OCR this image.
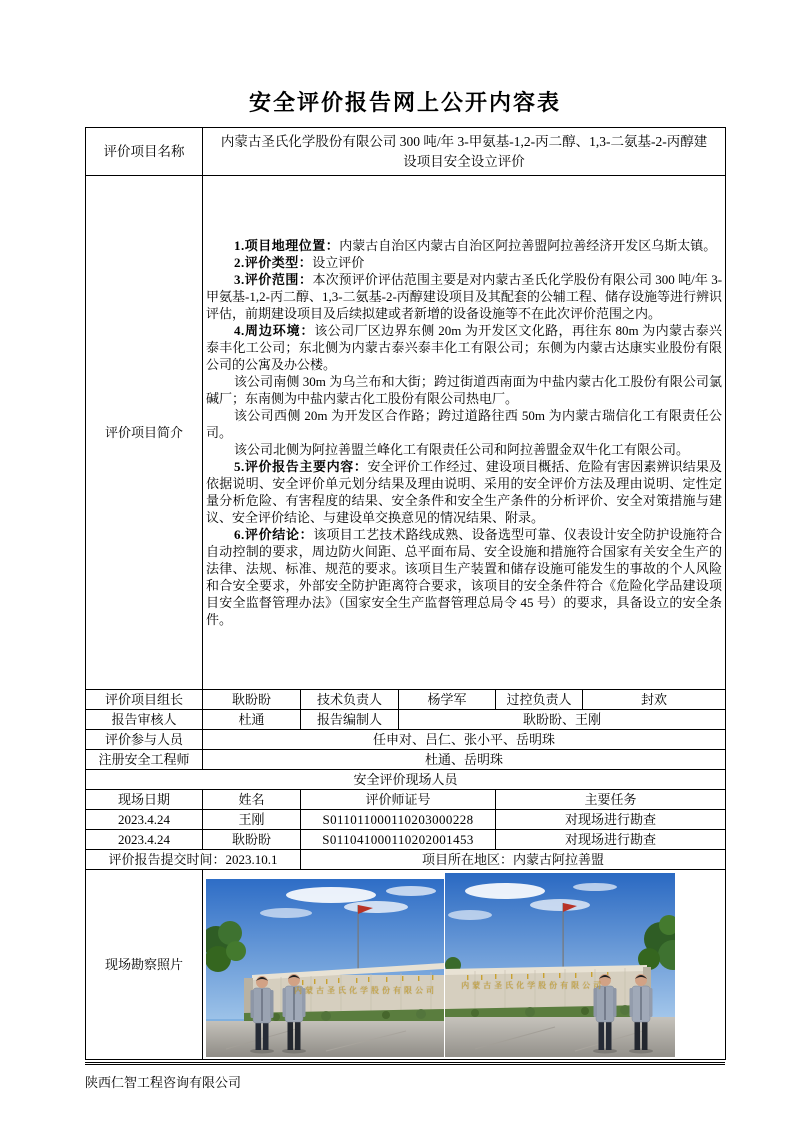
安全评价报告网上公开内容表
评价项目名称	内蒙古圣氏化学股份有限公司 300 吨/年 3-甲氨基-1,2-丙二醇、1,3-二氨基-2-丙醇建设项目安全设立评价				
评价项目简介	

1.项目地理位置：内蒙古自治区内蒙古自治区阿拉善盟阿拉善经济开发区乌斯太镇。

2.评价类型：设立评价

3.评价范围：本次预评价评估范围主要是对内蒙古圣氏化学股份有限公司 300 吨/年 3-甲氨基-1,2-丙二醇、1,3-二氨基-2-丙醇建设项目及其配套的公辅工程、储存设施等进行辨识评估，前期建设项目及后续拟建或者新增的设备设施等不在此次评价范围之内。

4.周边环境：该公司厂区边界东侧 20m 为开发区文化路，再往东 80m 为内蒙古泰兴泰丰化工公司；东北侧为内蒙古泰兴泰丰化工有限公司；东侧为内蒙古达康实业股份有限公司的公寓及办公楼。

该公司南侧 30m 为乌兰布和大街；跨过街道西南面为中盐内蒙古化工股份有限公司氯碱厂；东南侧为中盐内蒙古化工股份有限公司热电厂。

该公司西侧 20m 为开发区合作路；跨过道路往西 50m 为内蒙古瑞信化工有限责任公司。

该公司北侧为阿拉善盟兰峰化工有限责任公司和阿拉善盟金双牛化工有限公司。

5.评价报告主要内容：安全评价工作经过、建设项目概括、危险有害因素辨识结果及依据说明、安全评价单元划分结果及理由说明、采用的安全评价方法及理由说明、定性定量分析危险、有害程度的结果、安全条件和安全生产条件的分析评价、安全对策措施与建议、安全评价结论、与建设单交换意见的情况结果、附录。

6.评价结论：该项目工艺技术路线成熟、设备选型可靠、仪表设计安全防护设施符合自动控制的要求，周边防火间距、总平面布局、安全设施和措施符合国家有关安全生产的法律、法规、标准、规范的要求。该项目生产装置和储存设施可能发生的事故的个人风险和合安全要求，外部安全防护距离符合要求，该项目的安全条件符合《危险化学品建设项目安全监督管理办法》（国家安全生产监督管理总局令 45 号）的要求，具备设立的安全条件。

评价项目组长	耿盼盼	技术负责人	杨学军	过控负责人	封欢
报告审核人	杜通	报告编制人	耿盼盼、王刚		
评价参与人员	任申对、吕仁、张小平、岳明珠				
注册安全工程师	杜通、岳明珠				
安全评价现场人员					
现场日期	姓名	评价师证号		主要任务	
2023.4.24	王刚	S011011000110203000228		对现场进行勘查	
2023.4.24	耿盼盼	S011041000110202001453		对现场进行勘查	
评价报告提交时间：2023.10.1		项目所在地区：内蒙古阿拉善盟			
现场勘察照片	内蒙古圣氏化学股份有限公司 内蒙古圣氏化学股份有限公司				
陕西仁智工程咨询有限公司
